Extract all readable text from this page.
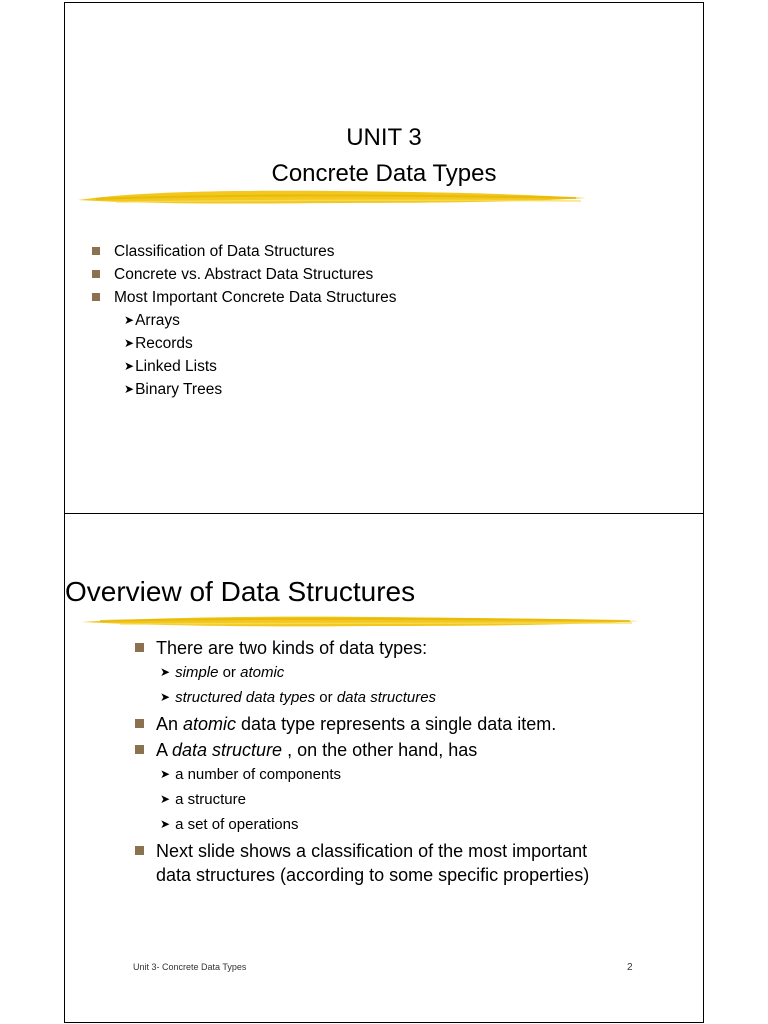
UNIT 3
Concrete Data Types
Classification of Data Structures
Concrete vs. Abstract Data Structures
Most Important Concrete Data Structures
➤Arrays
➤Records
➤Linked Lists
➤Binary Trees
Overview of Data Structures
There are two kinds of data types:
➤ simple or atomic
➤ structured data types or data structures
An atomic data type represents a single data item.
A data structure , on the other hand, has
➤ a number of components
➤ a structure
➤ a set of operations
Next slide shows a classification of the most important
data structures (according to some specific properties)
Unit 3- Concrete Data Types	2
